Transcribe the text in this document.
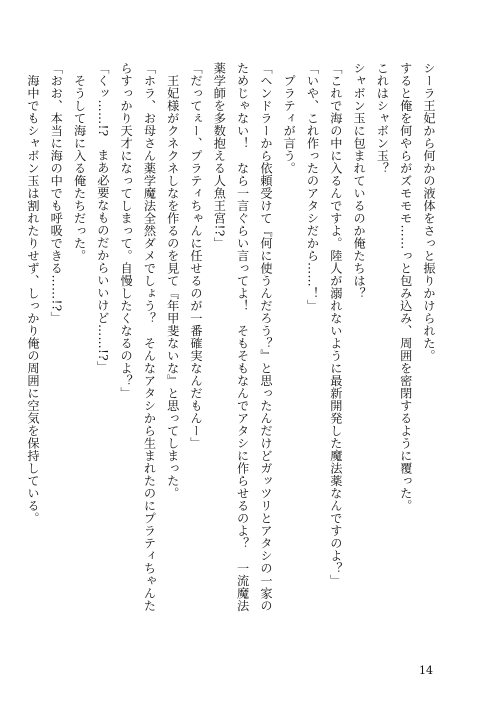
シーラ王妃から何かの液体をさっと振りかけられた。
すると俺を何やらがズモモモ……っと包み込み、周囲を密閉するように覆った。
これはシャボン玉？
シャボン玉に包まれているのか俺たちは？
「これで海の中に入るんですよ。陸人が溺れないように最新開発した魔法薬なんですのよ？」
「いや、これ作ったのアタシだから……！」
　プラティが言う。
「ヘンドラーから依頼受けて『何に使うんだろう？』と思ったんだけどガッツリとアタシの一家の
ためじゃない！　なら一言ぐらい言ってよ！　そもそもなんでアタシに作らせるのよ？　一流魔法
薬学師を多数抱える人魚王宮!?」
「だってぇー、プラティちゃんに任せるのが一番確実なんだもんー」
　王妃様がクネクネしなを作るのを見て『年甲斐ないな』と思ってしまった。
「ホラ、お母さん薬学魔法全然ダメでしょう？　そんなアタシから生まれたのにプラティちゃんた
らすっかり天才になってしまって。自慢したくなるのよ？」
「くッ……!?　まあ必要なものだからいいけど……!?」
　そうして海に入る俺たちだった。
「おお、本当に海の中でも呼吸できる……!?」
　海中でもシャボン玉は割れたりせず、しっかり俺の周囲に空気を保持している。
14
